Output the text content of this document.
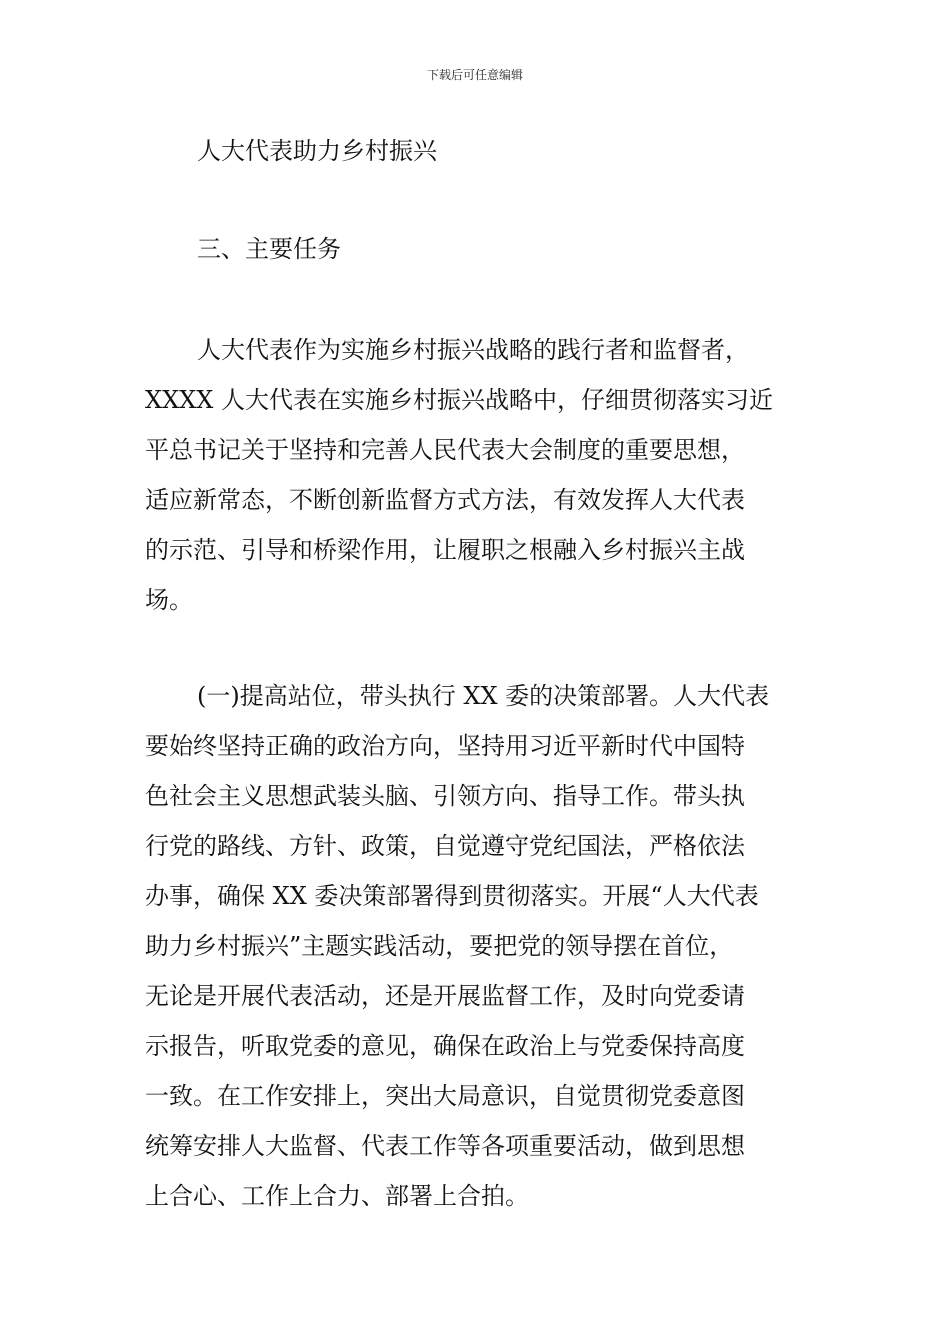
下载后可任意编辑
人大代表助力乡村振兴
三、主要任务
人大代表作为实施乡村振兴战略的践行者和监督者，
XXXX 人大代表在实施乡村振兴战略中，仔细贯彻落实习近
平总书记关于坚持和完善人民代表大会制度的重要思想，
适应新常态，不断创新监督方式方法，有效发挥人大代表
的示范、引导和桥梁作用，让履职之根融入乡村振兴主战
场。
(一)提高站位，带头执行 XX 委的决策部署。人大代表
要始终坚持正确的政治方向，坚持用习近平新时代中国特
色社会主义思想武装头脑、引领方向、指导工作。带头执
行党的路线、方针、政策，自觉遵守党纪国法，严格依法
办事，确保 XX 委决策部署得到贯彻落实。开展“人大代表
助力乡村振兴”主题实践活动，要把党的领导摆在首位，
无论是开展代表活动，还是开展监督工作，及时向党委请
示报告，听取党委的意见，确保在政治上与党委保持高度
一致。在工作安排上，突出大局意识，自觉贯彻党委意图
统筹安排人大监督、代表工作等各项重要活动，做到思想
上合心、工作上合力、部署上合拍。
